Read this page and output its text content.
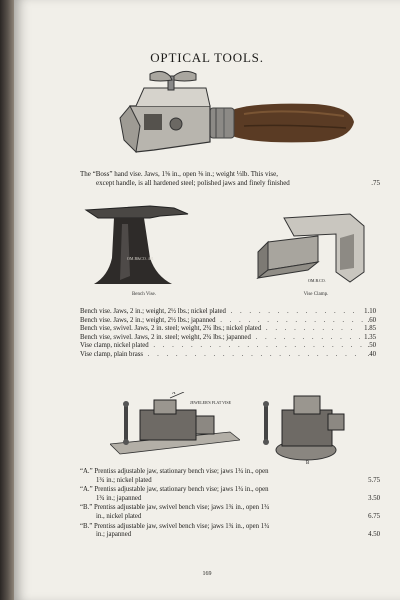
OPTICAL TOOLS.
The “Boss” hand vise. Jaws, 1⅝ in., open ⅜ in.; weight ⅓lb. This vise,
except handle, is all hardened steel; polished jaws and finely finished	.75
OM.B&CO. 401
Bench Vise.
OM.B.CO.
Vise Clamp.
Bench vise. Jaws, 2 in.; weight, 2½ lbs.; nickel plated . . .	1.10
Bench vise. Jaws, 2 in.; weight, 2½ lbs.; japanned . . .	.60
Bench vise, swivel. Jaws, 2 in. steel; weight, 2¾ lbs.; nickel plated . . .	1.85
Bench vise, swivel. Jaws, 2 in. steel; weight, 2¾ lbs.; japanned . . .	1.35
Vise clamp, nickel plated . . .	.50
Vise clamp, plain brass . . .	.40
A
JEWELER'S FLAT VISE
B
“A.” Prentiss adjustable jaw, stationary bench vise; jaws 1¾ in., open
1¾ in.; nickel plated	5.75
“A.” Prentiss adjustable jaw, stationary bench vise; jaws 1¾ in., open
1¾ in.; japanned	3.50
“B.” Prentiss adjustable jaw, swivel bench vise; jaws 1¾ in., open 1¾
in., nickel plated	6.75
“B.” Prentiss adjustable jaw, swivel bench vise; jaws 1¾ in., open 1¾
in.; japanned	4.50
169
